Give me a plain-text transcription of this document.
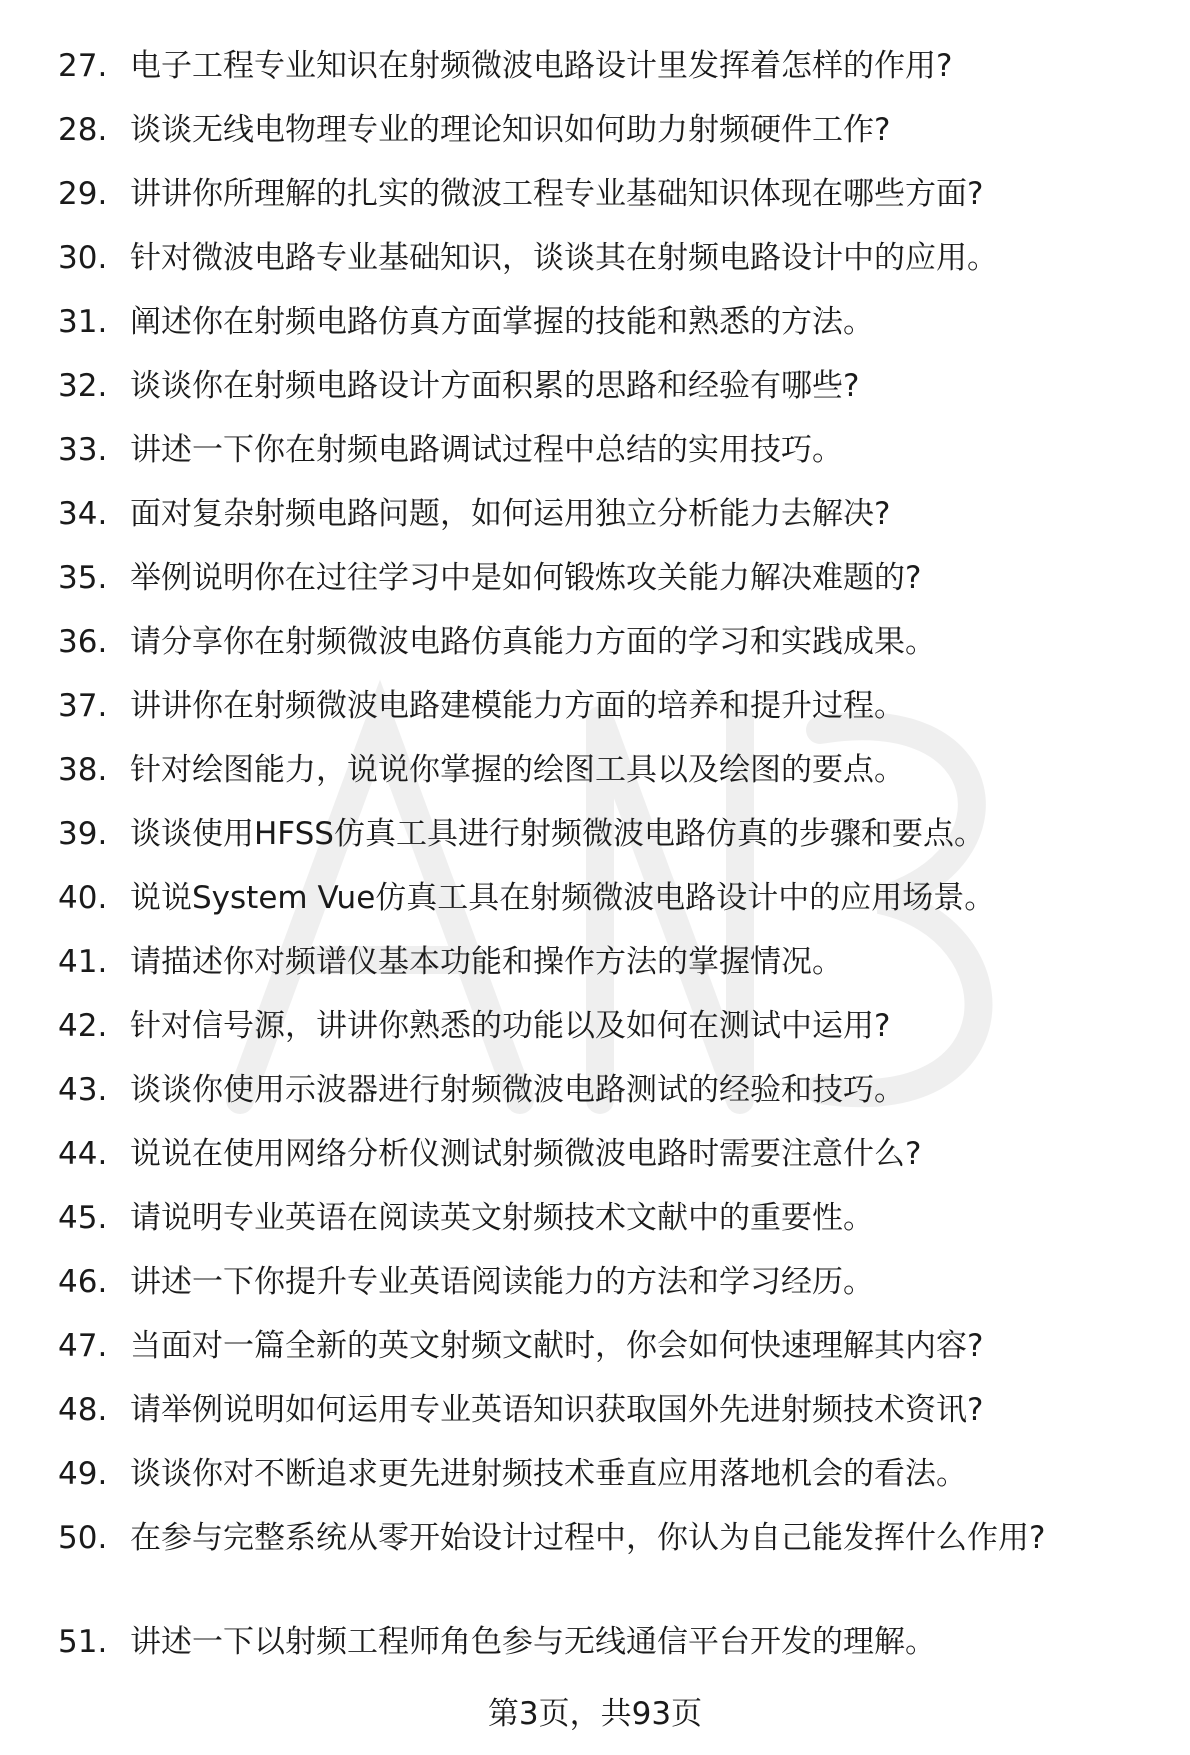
27. 电子工程专业知识在射频微波电路设计里发挥着怎样的作用?
28. 谈谈无线电物理专业的理论知识如何助力射频硬件工作?
29. 讲讲你所理解的扎实的微波工程专业基础知识体现在哪些方面?
30. 针对微波电路专业基础知识，谈谈其在射频电路设计中的应用。
31. 阐述你在射频电路仿真方面掌握的技能和熟悉的方法。
32. 谈谈你在射频电路设计方面积累的思路和经验有哪些?
33. 讲述一下你在射频电路调试过程中总结的实用技巧。
34. 面对复杂射频电路问题，如何运用独立分析能力去解决?
35. 举例说明你在过往学习中是如何锻炼攻关能力解决难题的?
36. 请分享你在射频微波电路仿真能力方面的学习和实践成果。
37. 讲讲你在射频微波电路建模能力方面的培养和提升过程。
38. 针对绘图能力，说说你掌握的绘图工具以及绘图的要点。
39. 谈谈使用HFSS仿真工具进行射频微波电路仿真的步骤和要点。
40. 说说System Vue仿真工具在射频微波电路设计中的应用场景。
41. 请描述你对频谱仪基本功能和操作方法的掌握情况。
42. 针对信号源，讲讲你熟悉的功能以及如何在测试中运用?
43. 谈谈你使用示波器进行射频微波电路测试的经验和技巧。
44. 说说在使用网络分析仪测试射频微波电路时需要注意什么?
45. 请说明专业英语在阅读英文射频技术文献中的重要性。
46. 讲述一下你提升专业英语阅读能力的方法和学习经历。
47. 当面对一篇全新的英文射频文献时，你会如何快速理解其内容?
48. 请举例说明如何运用专业英语知识获取国外先进射频技术资讯?
49. 谈谈你对不断追求更先进射频技术垂直应用落地机会的看法。
50. 在参与完整系统从零开始设计过程中，你认为自己能发挥什么作用?
51. 讲述一下以射频工程师角色参与无线通信平台开发的理解。
第3页，共93页
